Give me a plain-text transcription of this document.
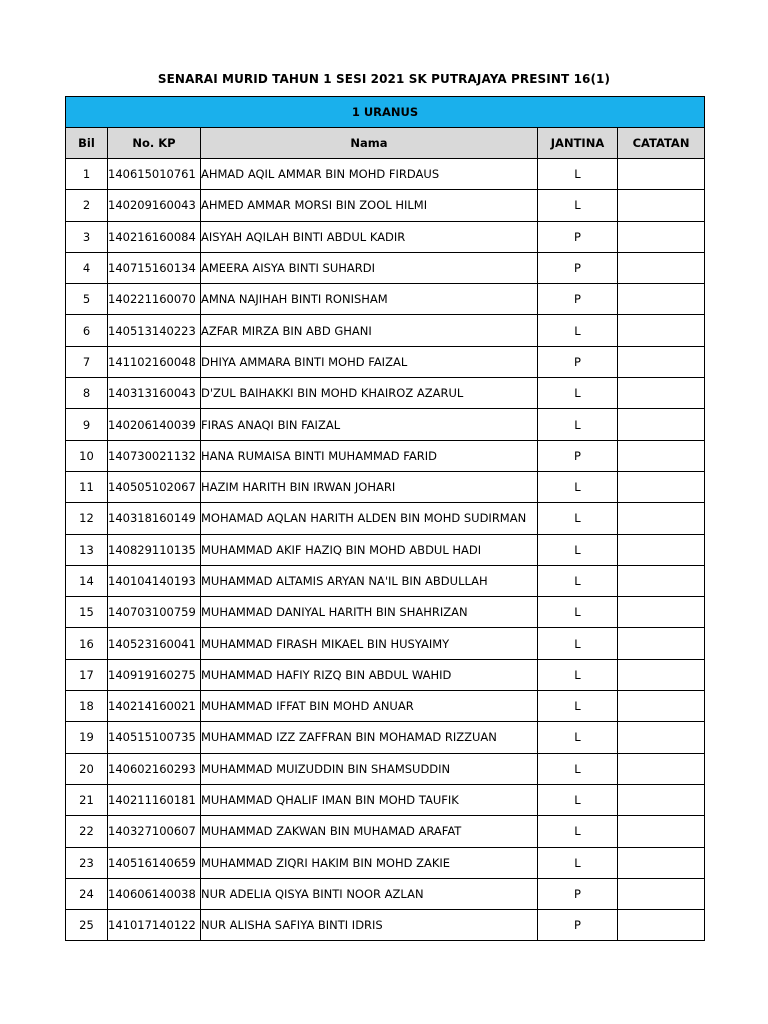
SENARAI MURID TAHUN 1 SESI 2021 SK PUTRAJAYA PRESINT 16(1)
1 URANUS				
Bil	No. KP	Nama	JANTINA	CATATAN
1	140615010761	AHMAD AQIL AMMAR BIN MOHD FIRDAUS	L	
2	140209160043	AHMED AMMAR MORSI BIN ZOOL HILMI	L	
3	140216160084	AISYAH AQILAH BINTI ABDUL KADIR	P	
4	140715160134	AMEERA AISYA BINTI SUHARDI	P	
5	140221160070	AMNA NAJIHAH BINTI RONISHAM	P	
6	140513140223	AZFAR MIRZA BIN ABD GHANI	L	
7	141102160048	DHIYA AMMARA BINTI MOHD FAIZAL	P	
8	140313160043	D'ZUL BAIHAKKI BIN MOHD KHAIROZ AZARUL	L	
9	140206140039	FIRAS ANAQI BIN FAIZAL	L	
10	140730021132	HANA RUMAISA BINTI MUHAMMAD FARID	P	
11	140505102067	HAZIM HARITH BIN IRWAN JOHARI	L	
12	140318160149	MOHAMAD AQLAN HARITH ALDEN BIN MOHD SUDIRMAN	L	
13	140829110135	MUHAMMAD AKIF HAZIQ BIN MOHD ABDUL HADI	L	
14	140104140193	MUHAMMAD ALTAMIS ARYAN NA'IL BIN ABDULLAH	L	
15	140703100759	MUHAMMAD DANIYAL HARITH BIN SHAHRIZAN	L	
16	140523160041	MUHAMMAD FIRASH MIKAEL BIN HUSYAIMY	L	
17	140919160275	MUHAMMAD HAFIY RIZQ BIN ABDUL WAHID	L	
18	140214160021	MUHAMMAD IFFAT BIN MOHD ANUAR	L	
19	140515100735	MUHAMMAD IZZ ZAFFRAN BIN MOHAMAD RIZZUAN	L	
20	140602160293	MUHAMMAD MUIZUDDIN BIN SHAMSUDDIN	L	
21	140211160181	MUHAMMAD QHALIF IMAN BIN MOHD TAUFIK	L	
22	140327100607	MUHAMMAD ZAKWAN BIN MUHAMAD ARAFAT	L	
23	140516140659	MUHAMMAD ZIQRI HAKIM BIN MOHD ZAKIE	L	
24	140606140038	NUR ADELIA QISYA BINTI NOOR AZLAN	P	
25	141017140122	NUR ALISHA SAFIYA BINTI IDRIS	P	
